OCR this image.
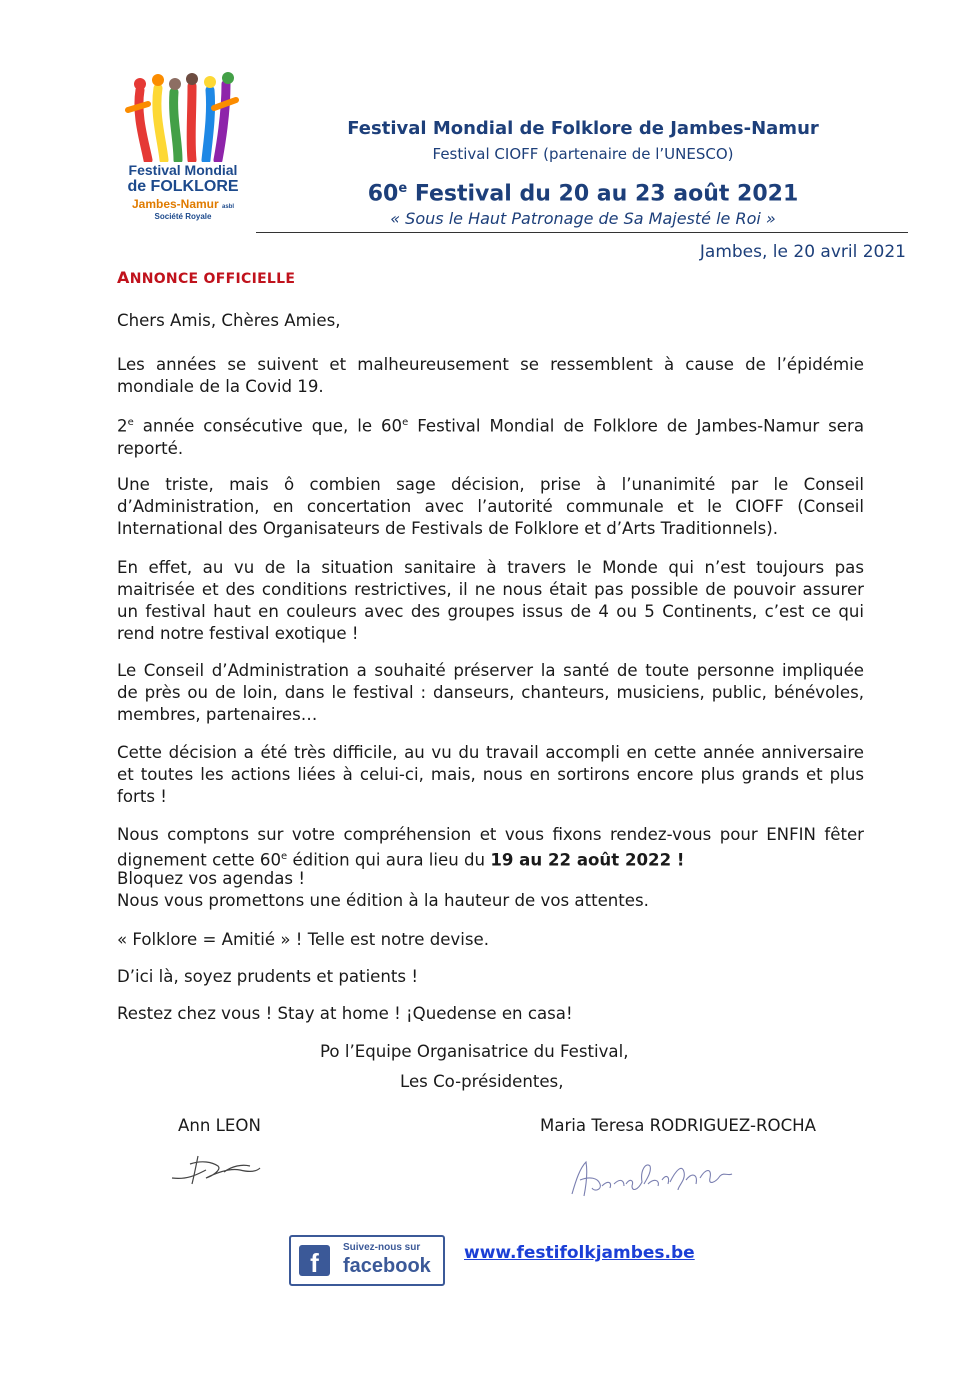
Festival Mondial
de FOLKLORE
Jambes-Namur asbl
Société Royale
Festival Mondial de Folklore de Jambes-Namur
Festival CIOFF (partenaire de l’UNESCO)
60e Festival du 20 au 23 août 2021
« Sous le Haut Patronage de Sa Majesté le Roi »
Jambes, le 20 avril 2021
ANNONCE OFFICIELLE

Chers Amis, Chères Amies,

Les années se suivent et malheureusement se ressemblent à cause de l’épidémie mondiale de la Covid 19.

2e année consécutive que, le 60e Festival Mondial de Folklore de Jambes-Namur sera reporté.

Une triste, mais ô combien sage décision, prise à l’unanimité par le Conseil d’Administration, en concertation avec l’autorité communale et le CIOFF (Conseil International des Organisateurs de Festivals de Folklore et d’Arts Traditionnels).

En effet, au vu de la situation sanitaire à travers le Monde qui n’est toujours pas maitrisée et des conditions restrictives, il ne nous était pas possible de pouvoir assurer un festival haut en couleurs avec des groupes issus de 4 ou 5 Continents, c’est ce qui rend notre festival exotique !

Le Conseil d’Administration a souhaité préserver la santé de toute personne impliquée de près ou de loin, dans le festival : danseurs, chanteurs, musiciens, public, bénévoles, membres, partenaires…

Cette décision a été très difficile, au vu du travail accompli en cette année anniversaire et toutes les actions liées à celui-ci, mais, nous en sortirons encore plus grands et plus forts !

Nous comptons sur votre compréhension et vous fixons rendez-vous pour ENFIN fêter dignement cette 60e édition qui aura lieu du 19 au 22 août 2022 !

Bloquez vos agendas !

Nous vous promettons une édition à la hauteur de vos attentes.

« Folklore = Amitié » ! Telle est notre devise.

D’ici là, soyez prudents et patients !

Restez chez vous ! Stay at home ! ¡Quedense en casa!

Po l’Equipe Organisatrice du Festival,
Les Co-présidentes,
Ann LEON	Maria Teresa RODRIGUEZ-ROCHA
f
Suivez-nous sur
facebook
www.festifolkjambes.be
